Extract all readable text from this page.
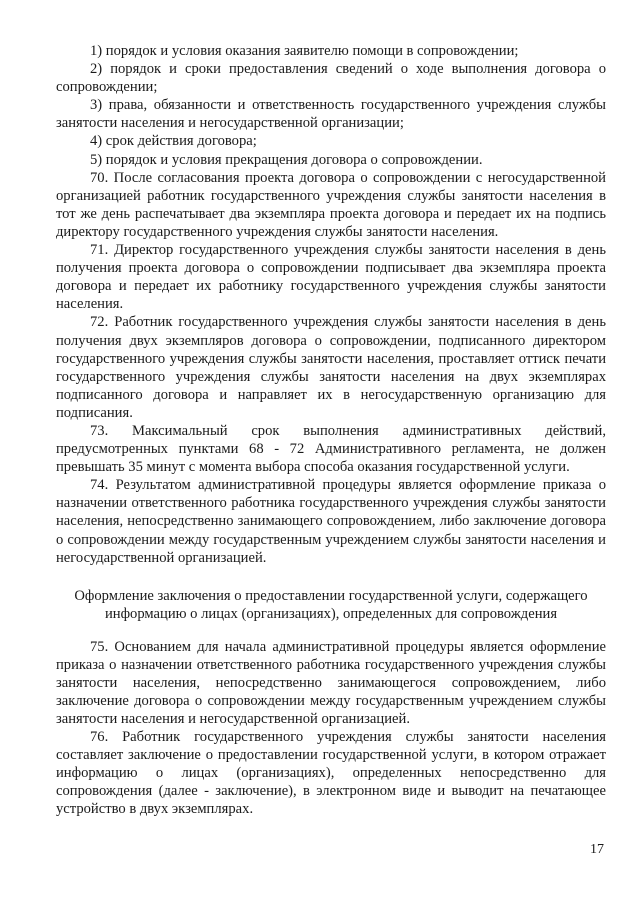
1) порядок и условия оказания заявителю помощи в сопровождении;

2) порядок и сроки предоставления сведений о ходе выполнения договора о сопровождении;

3) права, обязанности и ответственность государственного учреждения службы занятости населения и негосударственной организации;

4) срок действия договора;

5) порядок и условия прекращения договора о сопровождении.

70. После согласования проекта договора о сопровождении с негосударственной организацией работник государственного учреждения службы занятости населения в тот же день распечатывает два экземпляра проекта договора и передает их на подпись директору государственного учреждения службы занятости населения.

71. Директор государственного учреждения службы занятости населения в день получения проекта договора о сопровождении подписывает два экземпляра проекта договора и передает их работнику государственного учреждения службы занятости населения.

72. Работник государственного учреждения службы занятости населения в день получения двух экземпляров договора о сопровождении, подписанного директором государственного учреждения службы занятости населения, проставляет оттиск печати государственного учреждения службы занятости населения на двух экземплярах подписанного договора и направляет их в негосударственную организацию для подписания.

73. Максимальный срок выполнения административных действий, предусмотренных пунктами 68 - 72 Административного регламента, не должен превышать 35 минут с момента выбора способа оказания государственной услуги.

74. Результатом административной процедуры является оформление приказа о назначении ответственного работника государственного учреждения службы занятости населения, непосредственно занимающего сопровождением, либо заключение договора о сопровождении между государственным учреждением службы занятости населения и негосударственной организацией.

Оформление заключения о предоставлении государственной услуги, содержащего информацию о лицах (организациях), определенных для сопровождения

75. Основанием для начала административной процедуры является оформление приказа о назначении ответственного работника государственного учреждения службы занятости населения, непосредственно занимающегося сопровождением, либо заключение договора о сопровождении между государственным учреждением службы занятости населения и негосударственной организацией.

76. Работник государственного учреждения службы занятости населения составляет заключение о предоставлении государственной услуги, в котором отражает информацию о лицах (организациях), определенных непосредственно для сопровождения (далее - заключение), в электронном виде и выводит на печатающее устройство в двух экземплярах.

17
